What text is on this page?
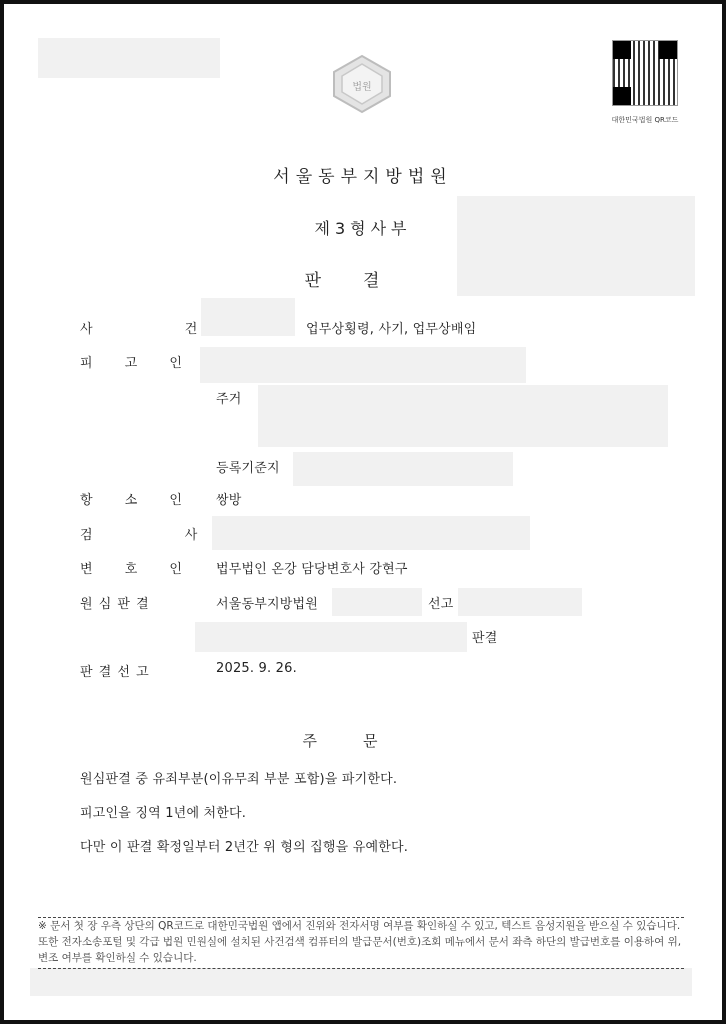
법원
대한민국법원 QR코드
서울동부지방법원
제3형사부
판결
사 건	업무상횡령, 사기, 업무상배임
피 고 인
주거
등록기준지
항 소 인 쌍방
검 사
변 호 인 법무법인 온강 담당변호사 강현구
원 심 판 결	서울동부지방법원	선고
판결
판 결 선 고	2025. 9. 26.
주문
원심판결 중 유죄부분(이유무죄 부분 포함)을 파기한다.
피고인을 징역 1년에 처한다.
다만 이 판결 확정일부터 2년간 위 형의 집행을 유예한다.
※ 문서 첫 장 우측 상단의 QR코드로 대한민국법원 앱에서 진위와 전자서명 여부를 확인하실 수 있고, 텍스트 음성지원을 받으실 수 있습니다. 또한 전자소송포털 및 각급 법원 민원실에 설치된 사건검색 컴퓨터의 발급문서(번호)조회 메뉴에서 문서 좌측 하단의 발급번호를 이용하여 위,변조 여부를 확인하실 수 있습니다.
